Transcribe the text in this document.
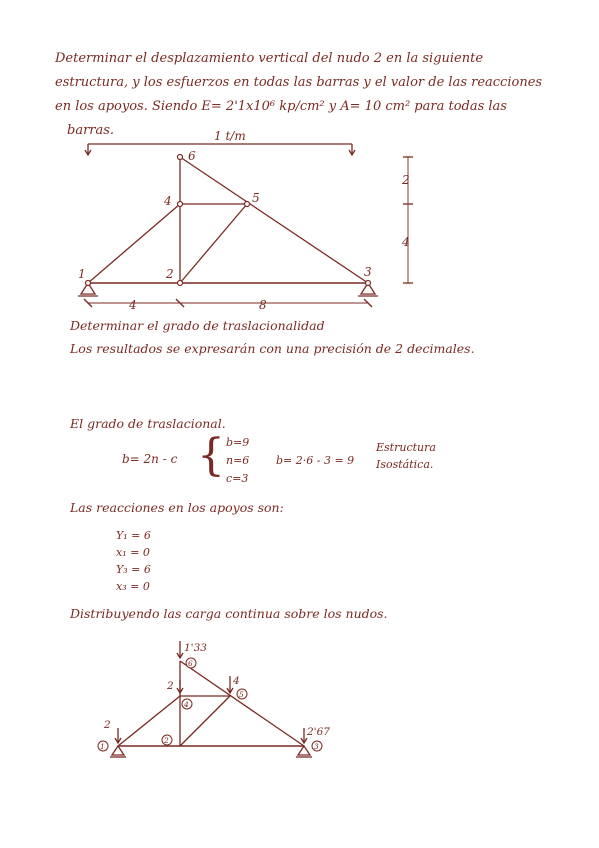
Determinar el desplazamiento vertical del nudo 2 en la siguiente

estructura, y los esfuerzos en todas las barras y el valor de las reacciones

en los apoyos. Siendo E= 2'1x10⁶ kp/cm² y A= 10 cm² para todas las

barras.	1 t/m
1	2	3
4	5
6
2
4
4	8

Determinar el grado de traslacionalidad

Los resultados se expresarán con una precisión de 2 decimales.

El grado de traslacional.

b= 2n - c { b=9

n=6

c=3

b= 2·6 - 3 = 9

Estructura

Isostática.

Las reacciones en los apoyos son:

Y₁ = 6

x₁ = 0

Y₃ = 6

x₃ = 0

Distribuyendo las carga continua sobre los nudos.

1
2
3
4
5
6
1'33
2	4
2
2'67
